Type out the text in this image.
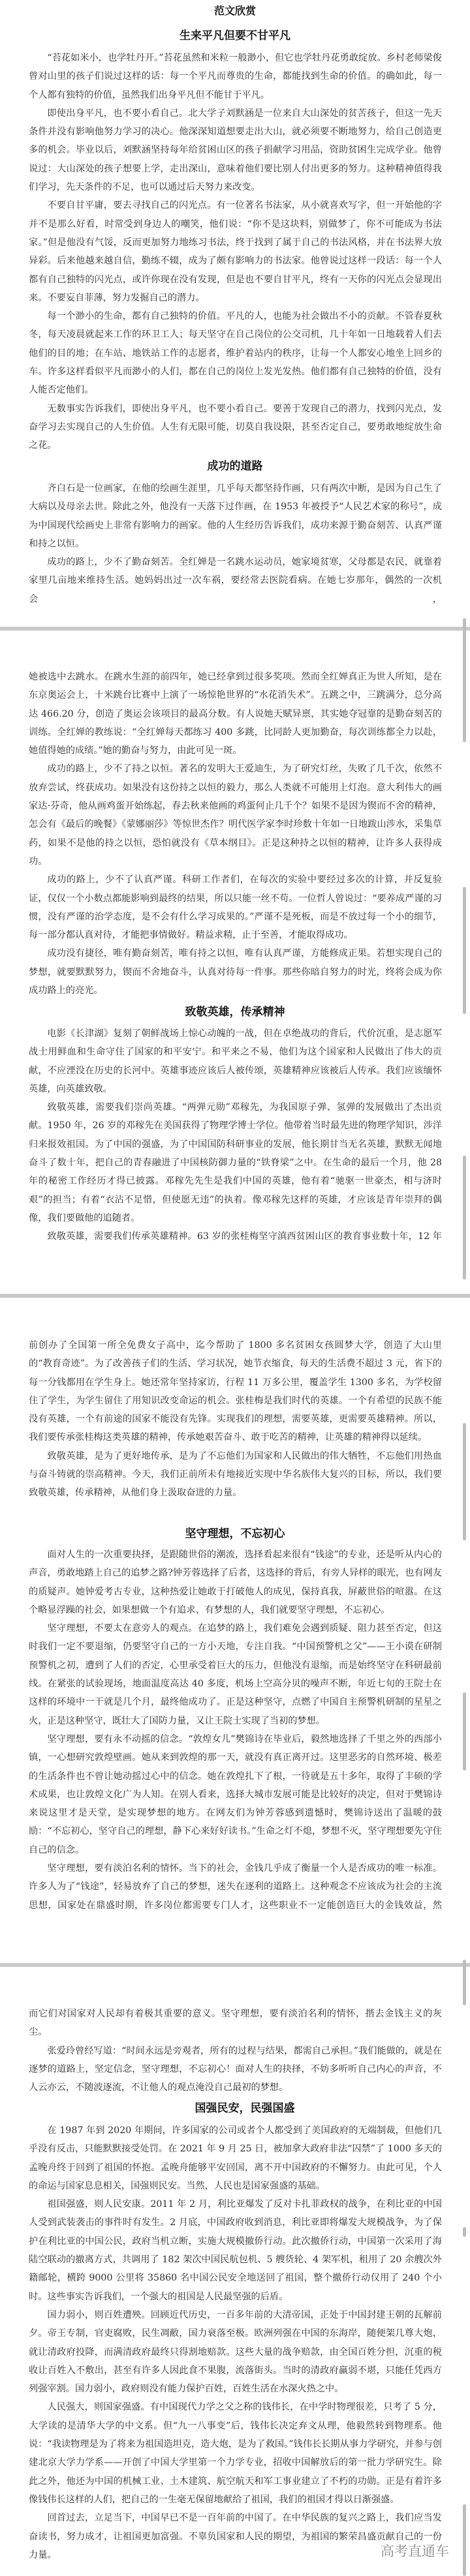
范文欣赏
生来平凡但要不甘平凡

“苔花如米小，也学牡丹开。”苔花虽然和米粒一般渺小，但它也学牡丹花勇敢绽放。乡村老师梁俊曾对山里的孩子们说过这样的话：每一个平凡而尊贵的生命，都能找到生命的价值。的确如此，每一个人都有独特的价值，虽然我们出身平凡但不能甘于平凡。

即使出身平凡，也不要小看自己。北大学子刘默涵是一位来自大山深处的贫苦孩子，但这一先天条件并没有影响他努力学习的决心。他深深知道想要走出大山，就必须要不断地努力，给自己创造更多的机会。毕业以后，刘默涵坚持每年给贫困山区的孩子捐献学习用品，资助贫困生完成学业。他曾说过：大山深处的孩子想要上学，走出深山，意味着他们要比别人付出更多的努力。这种精神值得我们学习，先天条件的不足，也可以通过后天努力来改变。

不要自甘平庸，要去寻找自己的闪光点。有一位著名书法家，从小就喜欢写字，但一开始他的字并不是那么好看，时常受到身边人的嘲笑，他们说：“你不是这块料，别做梦了，你不可能成为书法家。”但是他没有气馁，反而更加努力地练习书法，终于找到了属于自己的书法风格，并在书法界大放异彩。后来他越来越自信，勤练不辍，成为了颇有影响力的书法家。他曾说过这样一段话：每一个人都有自己独特的闪光点，或许你现在没有发现，但是也不要自甘平凡，终有一天你的闪光点会显现出来。不要妄自菲薄，努力发掘自己的潜力。

每一个渺小的生命，都有自己独特的价值。平凡的人，也能为社会做出不小的贡献。不管春夏秋冬，每天凌晨就起来工作的环卫工人；每天坚守在自己岗位的公交司机，几十年如一日地载着人们去他们的目的地；在车站、地铁站工作的志愿者，维护着站内的秩序，让每一个人都安心地坐上回乡的车。许多这样看似平凡而渺小的人们，都在自己的岗位上发光发热。他们都有自己独特的价值，没有人能否定他们。

无数事实告诉我们，即使出身平凡，也不要小看自己。要善于发现自己的潜力，找到闪光点，发奋学习去实现自己的人生价值。人生有无限可能，切莫自我设限，甚至否定自己，要勇敢地绽放生命之花。

成功的道路

齐白石是一位画家，在他的绘画生涯里，几乎每天都坚持作画，只有两次中断，是因为自己生了大病以及母亲去世。除此之外，他没有一天落下过作画，在 1953 年被授予“人民艺术家的称号”，成为中国现代绘画史上非常有影响力的画家。他的人生经历告诉我们，成功来源于勤奋刻苦、认真严谨和持之以恒。

成功的路上，少不了勤奋刻苦。全红婵是一名跳水运动员，她家境贫寒，父母都是农民，就靠着家里几亩地来维持生活。她妈妈出过一次车祸，要经常去医院看病。在她七岁那年，偶然的一次机会，

她被选中去跳水。在跳水生涯的前四年，她已经拿到过很多奖项。然而全红婵真正为世人所知，是在东京奥运会上，十米跳台比赛中上演了一场惊艳世界的“水花消失术”。五跳之中，三跳满分，总分高达 466.20 分，创造了奥运会该项目的最高分数。有人说她天赋异禀，其实她夺冠靠的是勤奋刻苦的训练。全红婵的教练说：“全红婵每天都练习 400 多跳，比同龄人更加勤奋，每次训练都全力以赴，她值得她的成绩。”她的勤奋与努力，由此可见一斑。

成功的路上，少不了持之以恒。著名的发明大王爱迪生，为了研究灯丝，失败了几千次，依然不放弃尝试，终获成功。如果没有这份持之以恒的毅力，那么人类就不可能用上灯泡。意大利伟大的画家达·芬奇，他从画鸡蛋开始练起，春去秋来他画的鸡蛋何止几千个？如果不是因为锲而不舍的精神，怎会有《最后的晚餐》《蒙娜丽莎》等惊世杰作？明代医学家李时珍数十年如一日地跋山涉水，采集草药，如果不是他的持之以恒，恐怕就没有《草本纲目》。正是这种持之以恒的精神，让许多人获得成功。

成功的路上，少不了认真严谨。科研工作者们，在每次的实验中要经过多次的计算，并反复验证，仅仅一个小数点都能影响到最终的结果，所以只能一丝不苟。一位哲人曾说过：“要养成严谨的习惯，没有严谨的治学态度，是不会有什么学习成果的。”严谨不是死板，而是不放过每一个小的细节，每一部分都认真对待，才能把事情做好。精益求精，止于至善，才能取得成功。

成功没有捷径，唯有勤奋刻苦，唯有持之以恒，唯有认真严谨，方能修成正果。若想实现自己的梦想，就要默默努力，锲而不舍地奋斗，认真对待每一件事。那些你暗自努力的时光，终将会成为你成功路上的亮光。

致敬英雄，传承精神

电影《长津湖》复刻了朝鲜战场上惊心动魄的一战，但在卓绝战功的背后，代价沉重，是志愿军战士用鲜血和生命守住了国家的和平安宁。和平来之不易，他们为这个国家和人民做出了伟大的贡献，不应湮没在历史的长河中。英雄事迹应该后人被传颂，英雄精神应该被后人传承。我们应该缅怀英雄，向英雄致敬。

致敬英雄，需要我们崇尚英雄。“两弹元勋”邓稼先，为我国原子弹、氢弹的发展做出了杰出贡献。1950 年，26 岁的邓稼先在美国获得了物理学博士学位。他带着当时最先进的物理学知识，涉洋归来报效祖国。为了中国的强盛，为了中国国防科研事业的发展，他长期甘当无名英雄，默默无闻地奋斗了数十年，把自己的青春融进了中国核防御力量的“铁脊梁”之中。在生命的最后一个月，他 28 年的秘密工作经历才得已披露。邓稼先先生是我们中国的英雄，他有着“驰驱一世豪杰，相与济时艰”的担当；有着“衣沾不足惜，但使愿无违”的执着。像邓稼先这样的英雄，才应该是青年崇拜的偶像，我们要做他的追随者。

致敬英雄，需要我们传承英雄精神。63 岁的张桂梅坚守滇西贫困山区的教育事业数十年，12 年

前创办了全国第一所全免费女子高中，迄今帮助了 1800 多名贫困女孩圆梦大学，创造了大山里的“教育奇迹”。为了改善孩子们的生活、学习状况，她节衣缩食，每天的生活费不超过 3 元，省下的每一分钱都用在学生身上。她还常年坚持家访，行程 11 万多公里，覆盖学生 1300 多名，为学校留住了学生，为学生留住了用知识改变命运的机会。张桂梅是我们时代的英雄。一个有希望的民族不能没有英雄，一个有前途的国家不能没有先锋。实现我们的理想，需要英雄，更需要英雄精神。所以，我们要传承张桂梅这类英雄的精神，传承她艰苦奋斗、敢于吃苦的精神，让英雄的精神得以延续。

致敬英雄，是为了更好地传承，是为了不忘他们为国家和人民做出的伟大牺牲，不忘他们用热血与奋斗铸就的崇高精神。今天，我们正前所未有地接近实现中华名族伟大复兴的目标，所以，我们要致敬英雄，传承精神，从他们身上汲取奋进的力量。

坚守理想，不忘初心

面对人生的一次重要抉择，是跟随世俗的潮流，选择看起来很有“钱途”的专业，还是听从内心的声音，勇敢地踏上自己的追梦之路?钟芳蓉选择了后者，这选择的背后，有旁人异样的眼光，也有网友的质疑声。她钟爱考古专业，这种热爱让她敢于打破他人的成见，保持真我，屏蔽世俗的喧嚣。在这个略显浮躁的社会，如果想做一个有追求、有梦想的人，我们就要坚守理想，不忘初心。

坚守理想，不要太在意旁人的观点。在追梦的路上，我们难免会遇到质疑、阻力甚至否定，但这时我们一定不要退缩，仍要坚守自己的一方小天地，专注自我。“中国预警机之父”——王小谟在研制预警机之初，遭到了人们的否定，心里承受着巨大的压力，但他没有退缩，而是始终坚守在科研最前线。在紧张的试验现场，地面温度高达 40 多度，机场上空高分贝的噪声不断，年近七旬的王院士在这样的环境中一干就是几个月，最终他成功了。正是这种坚守，点燃了中国自主预警机研制的星星之火，正是这种坚守，既壮大了国防力量，又让王院士实现了当初的梦想。

坚守理想，要有永不动摇的信念。“敦煌女儿”樊锦诗在毕业后，毅然地选择了千里之外的西部小镇，一心想研究敦煌壁画。她从来到敦煌的那一天，就没有真正离开过。这里恶劣的自然环境、极差的生活条件也不曾让她动摇过心中的信念。她在敦煌扎下了根，一待就是五十多年，取得了丰硕的学术成果，也让敦煌文化广为人知。在别人看来，选择大城市发展可能是比较好的决定，但对于樊锦诗来说这里才是天堂，是实现梦想的地方。在网友们为钟芳蓉感到遗憾时，樊锦诗送出了温暖的鼓励：“不忘初心，坚守自己的理想，静下心来好好读书。”生命之灯不熄，梦想不灭，坚守理想要先守住自己的信念。

坚守理想，要有淡泊名利的情怀。当下的社会，金钱几乎成了衡量一个人是否成功的唯一标准。许多人为了“钱途”，轻易放弃了自己的梦想，迷失在逐利的道路上。这种观念不应该成为社会的主流思想，国家处在鼎盛时期，许多岗位都需要专门人才，这些职业不一定能创造巨大的金钱效益，然

而它们对国家对人民却有着极其重要的意义。坚守理想，要有淡泊名利的情怀，揩去金钱主义的灰尘。

张爱玲曾经写道：“时间永远是旁观者，所有的过程与结果，都需自己承担。”我们能做的，就是在逐梦的道路上，坚定信念，坚守理想，不忘初心！面对人生的抉择，不妨多听听自己内心的声音，不人云亦云，不随波逐流，不让他人的观点淹没自己最初的梦想。

国强民安，民强国盛

在 1987 年到 2020 年期间，许多国家的公司或者个人都受到了美国政府的无端制裁，但他们几乎没有反击，只能默默接受处罚。在 2021 年 9 月 25 日，被加拿大政府非法“囚禁”了 1000 多天的孟晚舟终于回到了祖国的怀抱。孟晚舟能够平安回国，离不开中国政府的不懈努力。由此可见，个人的命运与国家息息相关，国强则民安。当然，人民也是国家强盛的基础。

祖国强盛，则人民安康。2011 年 2 月，利比亚爆发了反对卡扎菲政权的战争，在利比亚的中国人受到武装袭击的事件时有发生。2 月底，中国政府收到消息，利比亚即将爆发大规模战争，为了保护在利比亚的中国公民，政府当机立断，实施大规模撤侨行动。此次撤侨行动，中国第一次采用了海陆空联动的撤离方式，共调用了 182 架次中国民航包机、5 艘货轮、4 架军机，租用了 20 余艘次外籍邮轮，横跨 9000 公里将 35860 名中国公民安全地送回了祖国，整个撤侨行动仅用了 240 个小时。这些事实告诉我们，一个强大的祖国是人民最坚强的后盾。

国力弱小，则百姓遭殃。回顾近代历史，一百多年前的大清帝国，正处于中国封建王朝的瓦解前夕。帝王专制，官吏腐败，民生凋敝，国力衰落至极。欧洲列强在中国的东海岸，随便架几尊大炮，就让清政府投降，而满清政府最终只得割地赔款。这些大量的战争赔款，由全国百姓分担，沉重的税收让百姓入不敷出，甚至有许多人因此食不果腹，流落街头。当时的清政府羸弱不堪，只能任凭西方列强宰割。国力弱小，政府则没有能力保护百姓，百姓生活在水深火热之中。

人民强大，则国家强盛。有中国现代力学之父之称的钱伟长，在中学时物理很差，只考了 5 分，大学读的是清华大学的中文系。但“九一八事变”后，钱伟长决定弃文从理，他毅然转到物理系。他说：“我读物理是为了将来为祖国造坦克，造大炮，是为了救国。”钱伟长长期从事力学研究，并参与创建北京大学力学系——开创了中国大学里第一个力学专业，招收中国解放后的第一批力学研究生。除此之外，他还为中国的机械工业、土木建筑、航空航天和军工事业建立了不朽的功勋。正是有着许多像钱伟长这样的人们，把自己的一生毫无保留地献给了祖国，我们的祖国才得以日渐强盛。

回首过去，立足当下，中国早已不是一百年前的中国了。在中华民族的复兴之路上，我们应当发奋读书，努力成才，让祖国更加富强。不辜负国家和人民的期望，为祖国的繁荣昌盛贡献自己的一份力量。	高考直通车
